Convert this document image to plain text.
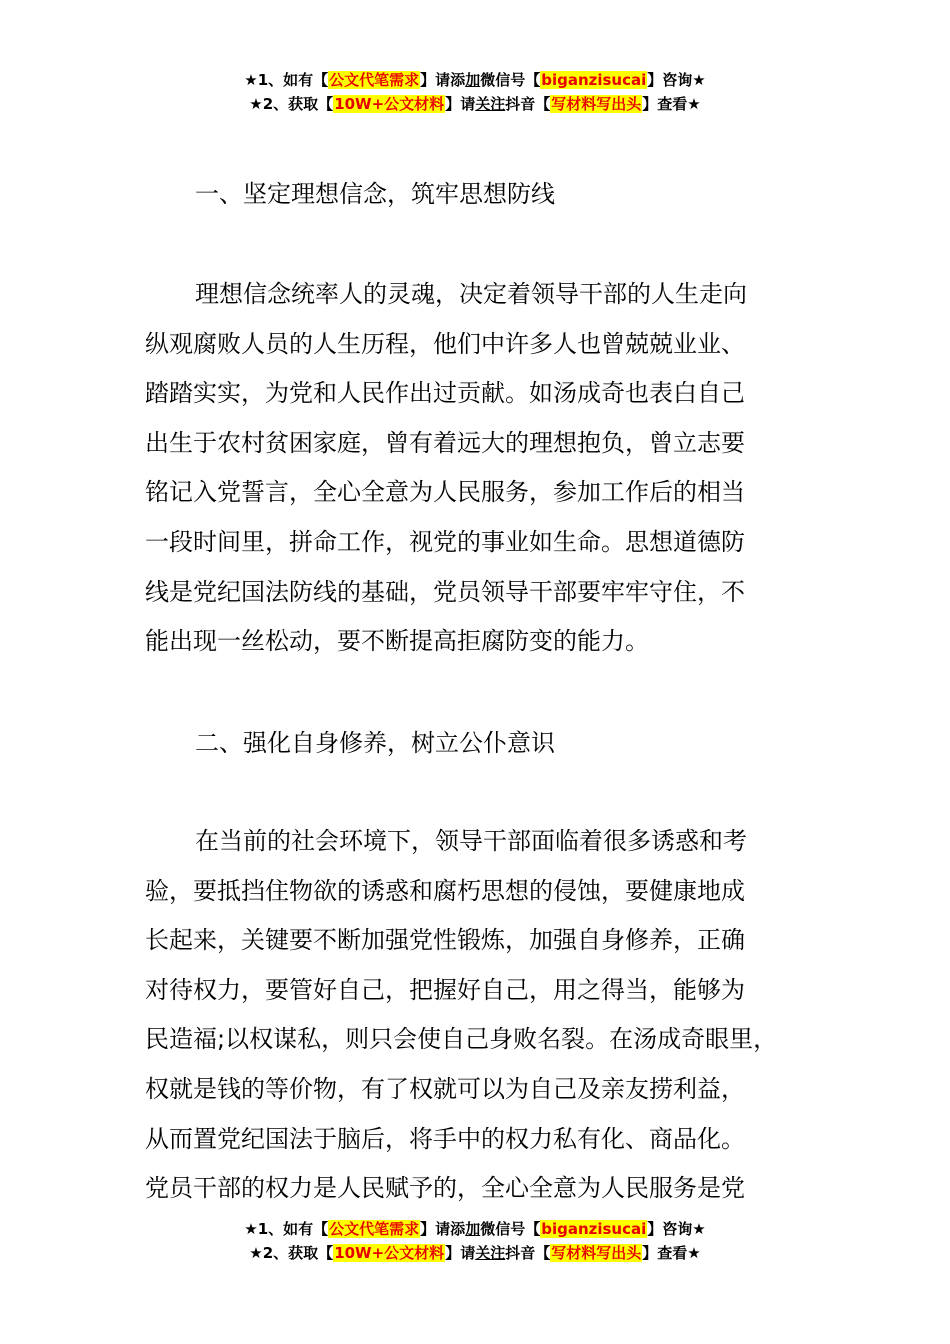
★1、如有【公文代笔需求】请添加微信号【biganzisucai】咨询★
★2、获取【10W+公文材料】请关注抖音【写材料写出头】查看★

一、坚定理想信念，筑牢思想防线

理想信念统率人的灵魂，决定着领导干部的人生走向

纵观腐败人员的人生历程，他们中许多人也曾兢兢业业、

踏踏实实，为党和人民作出过贡献。如汤成奇也表白自己

出生于农村贫困家庭，曾有着远大的理想抱负，曾立志要

铭记入党誓言，全心全意为人民服务，参加工作后的相当

一段时间里，拼命工作，视党的事业如生命。思想道德防

线是党纪国法防线的基础，党员领导干部要牢牢守住，不

能出现一丝松动，要不断提高拒腐防变的能力。

二、强化自身修养，树立公仆意识

在当前的社会环境下，领导干部面临着很多诱惑和考

验，要抵挡住物欲的诱惑和腐朽思想的侵蚀，要健康地成

长起来，关键要不断加强党性锻炼，加强自身修养，正确

对待权力，要管好自己，把握好自己，用之得当，能够为

民造福;以权谋私，则只会使自己身败名裂。在汤成奇眼里，

权就是钱的等价物，有了权就可以为自己及亲友捞利益，

从而置党纪国法于脑后，将手中的权力私有化、商品化。

党员干部的权力是人民赋予的，全心全意为人民服务是党

★1、如有【公文代笔需求】请添加微信号【biganzisucai】咨询★
★2、获取【10W+公文材料】请关注抖音【写材料写出头】查看★
